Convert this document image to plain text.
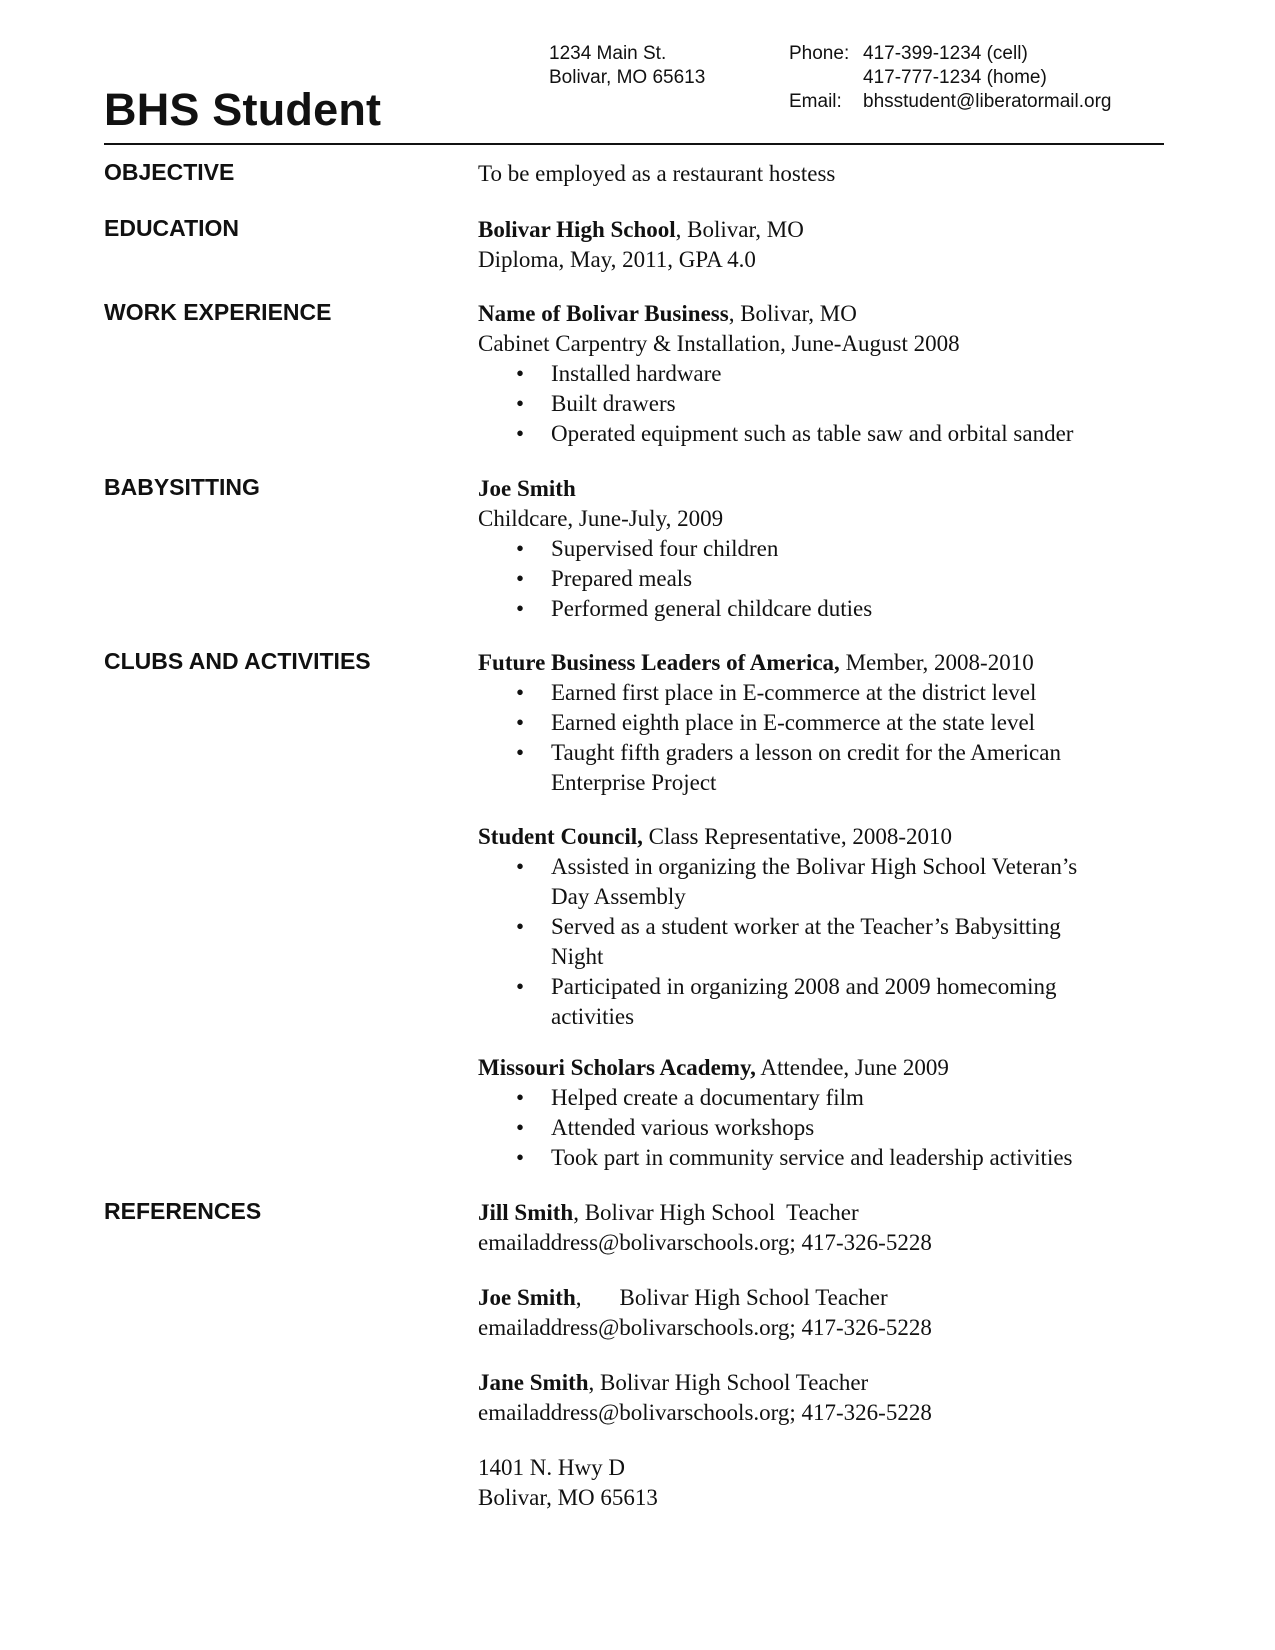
BHS Student
1234 Main St.
Bolivar, MO 65613
Phone: 417-399-1234 (cell)
417-777-1234 (home)
Email:	bhsstudent@liberatormail.org
OBJECTIVE
EDUCATION
WORK EXPERIENCE
BABYSITTING
CLUBS AND ACTIVITIES
REFERENCES
To be employed as a restaurant hostess
Bolivar High School, Bolivar, MO
Diploma, May, 2011, GPA 4.0
Name of Bolivar Business, Bolivar, MO
Cabinet Carpentry & Installation, June-August 2008
• Installed hardware
• Built drawers
• Operated equipment such as table saw and orbital sander
Joe Smith
Childcare, June-July, 2009
• Supervised four children
• Prepared meals
• Performed general childcare duties
Future Business Leaders of America, Member, 2008-2010
• Earned first place in E-commerce at the district level
• Earned eighth place in E-commerce at the state level
• Taught fifth graders a lesson on credit for the American Enterprise Project
Student Council, Class Representative, 2008-2010
• Assisted in organizing the Bolivar High School Veteran’s Day Assembly
• Served as a student worker at the Teacher’s Babysitting Night
• Participated in organizing 2008 and 2009 homecoming activities
Missouri Scholars Academy, Attendee, June 2009
• Helped create a documentary film
• Attended various workshops
• Took part in community service and leadership activities
Jill Smith, Bolivar High School  Teacher
emailaddress@bolivarschools.org; 417-326-5228
Joe Smith, Bolivar High School Teacher
emailaddress@bolivarschools.org; 417-326-5228
Jane Smith, Bolivar High School Teacher
emailaddress@bolivarschools.org; 417-326-5228
1401 N. Hwy D
Bolivar, MO 65613
